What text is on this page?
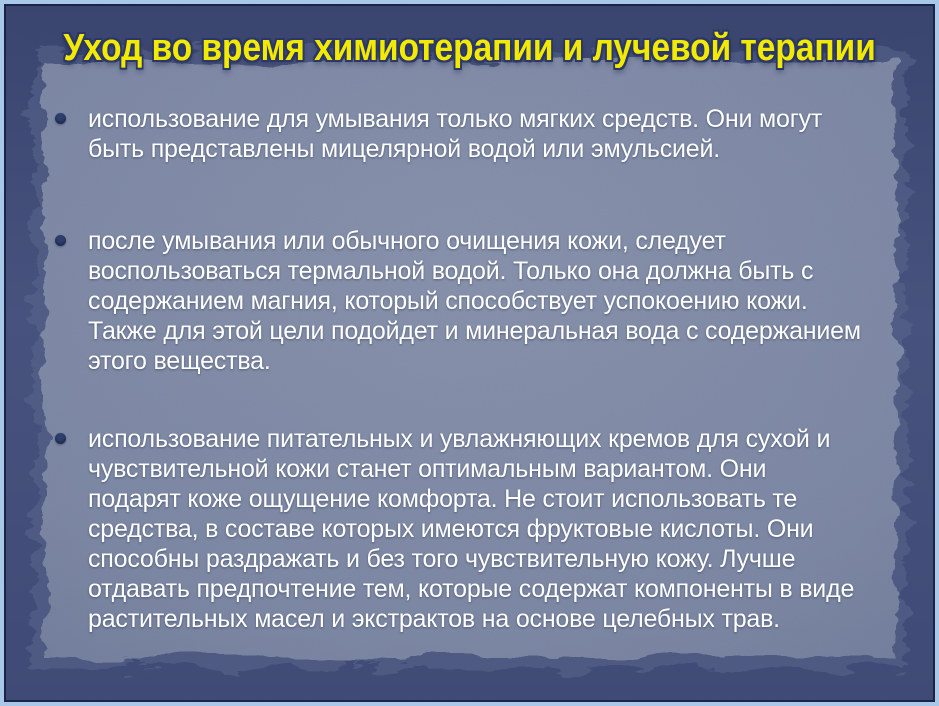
Уход во время химиотерапии и лучевой терапии
использование для умывания только мягких средств. Они могут быть представлены мицелярной водой или эмульсией.
после умывания или обычного очищения кожи, следует воспользоваться термальной водой. Только она должна быть с содержанием магния, который способствует успокоению кожи. Также для этой цели подойдет и минеральная вода с содержанием этого вещества.
использование питательных и увлажняющих кремов для сухой и чувствительной кожи станет оптимальным вариантом. Они подарят коже ощущение комфорта. Не стоит использовать те средства, в составе которых имеются фруктовые кислоты. Они способны раздражать и без того чувствительную кожу. Лучше отдавать предпочтение тем, которые содержат компоненты в виде растительных масел и экстрактов на основе целебных трав.
